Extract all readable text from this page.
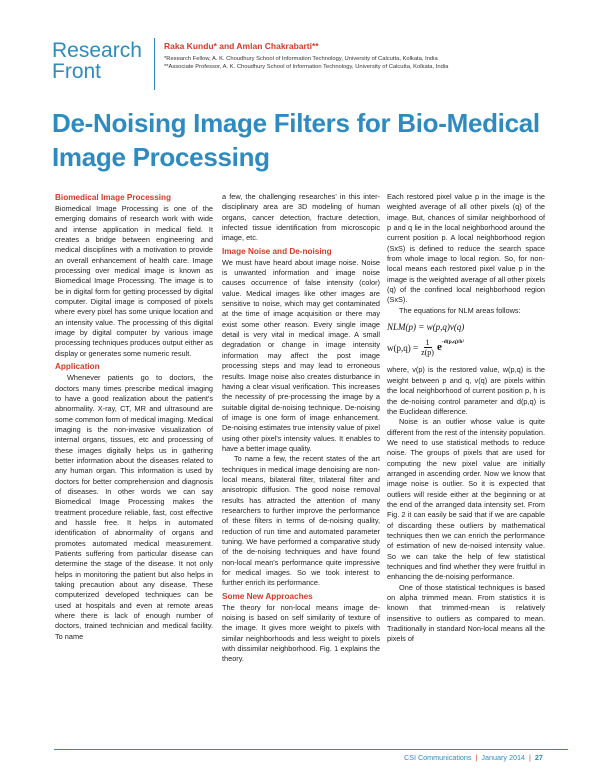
Research
Front
Raka Kundu* and Amlan Chakrabarti**
*Research Fellow, A. K. Choudhury School of Information Technology, University of Calcutta, Kolkata, India
**Associate Professor, A. K. Choudhury School of Information Technology, University of Calcutta, Kolkata, India
De-Noising Image Filters for Bio-Medical Image Processing
Biomedical Image Processing

Biomedical Image Processing is one of the emerging domains of research work with wide and intense application in medical field. It creates a bridge between engineering and medical disciplines with a motivation to provide an overall enhancement of health care. Image processing over medical image is known as Biomedical Image Processing. The image is to be in digital form for getting processed by digital computer. Digital image is composed of pixels where every pixel has some unique location and an intensity value. The processing of this digital image by digital computer by various image processing techniques produces output either as display or generates some numeric result.

Application

Whenever patients go to doctors, the doctors many times prescribe medical imaging to have a good realization about the patient's abnormality. X-ray, CT, MR and ultrasound are some common form of medical imaging. Medical imaging is the non-invasive visualization of internal organs, tissues, etc and processing of these images digitally helps us in gathering better information about the diseases related to any human organ. This information is used by doctors for better comprehension and diagnosis of diseases. In other words we can say Biomedical Image Processing makes the treatment procedure reliable, fast, cost effective and hassle free. It helps in automated identification of abnormality of organs and promotes automated medical measurement. Patients suffering from particular disease can determine the stage of the disease. It not only helps in monitoring the patient but also helps in taking precaution about any disease. These computerized developed techniques can be used at hospitals and even at remote areas where there is lack of enough number of doctors, trained technician and medical facility. To name

a few, the challenging researches' in this inter-disciplinary area are 3D modeling of human organs, cancer detection, fracture detection, infected tissue identification from microscopic image, etc.

Image Noise and De-noising

We must have heard about image noise. Noise is unwanted information and image noise causes occurrence of false intensity (color) value. Medical images like other images are sensitive to noise, which may get contaminated at the time of image acquisition or there may exist some other reason. Every single image detail is very vital in medical image. A small degradation or change in image intensity information may affect the post image processing steps and may lead to erroneous results. Image noise also creates disturbance in having a clear visual verification. This increases the necessity of pre-processing the image by a suitable digital de-noising technique. De-noising of image is one form of image enhancement. De-noising estimates true intensity value of pixel using other pixel's intensity values. It enables to have a better image quality.

To name a few, the recent states of the art techniques in medical image denoising are non-local means, bilateral filter, trilateral filter and anisotropic diffusion. The good noise removal results has attracted the attention of many researchers to further improve the performance of these filters in terms of de-noising quality, reduction of run time and automated parameter tuning. We have performed a comparative study of the de-noising techniques and have found non-local mean's performance quite impressive for medical images. So we took interest to further enrich its performance.

Some New Approaches

The theory for non-local means image de-noising is based on self similarity of texture of the image. It gives more weight to pixels with similar neighborhoods and less weight to pixels with dissimilar neighborhood. Fig. 1 explains the theory.

Each restored pixel value p in the image is the weighted average of all other pixels (q) of the image. But, chances of similar neighborhood of p and q lie in the local neighborhood around the current position p. A local neighborhood region (SxS) is defined to reduce the search space from whole image to local region. So, for non-local means each restored pixel value p in the image is the weighted average of all other pixels (q) of the confined local neighborhood region (SxS).

The equations for NLM areas follows:

NLM(p) = w(p,q)v(q)
$w(p,q) = \frac{1}{z(p)} e^{-d(p,q)/h^2}$

where, v(p) is the restored value, w(p,q) is the weight between p and q, v(q) are pixels within the local neighborhood of current position p, h is the de-noising control parameter and d(p,q) is the Euclidean difference.

Noise is an outlier whose value is quite different from the rest of the intensity population. We need to use statistical methods to reduce noise. The groups of pixels that are used for computing the new pixel value are initially arranged in ascending order. Now we know that image noise is outlier. So it is expected that outliers will reside either at the beginning or at the end of the arranged data intensity set. From Fig. 2 it can easily be said that if we are capable of discarding these outliers by mathematical techniques then we can enrich the performance of estimation of new de-noised intensity value. So we can take the help of few statistical techniques and find whether they were fruitful in enhancing the de-noising performance.

One of those statistical techniques is based on alpha trimmed mean. From statistics it is known that trimmed-mean is relatively insensitive to outliers as compared to mean. Traditionally in standard Non-local means all the pixels of

CSI Communications | January 2014 | 27
